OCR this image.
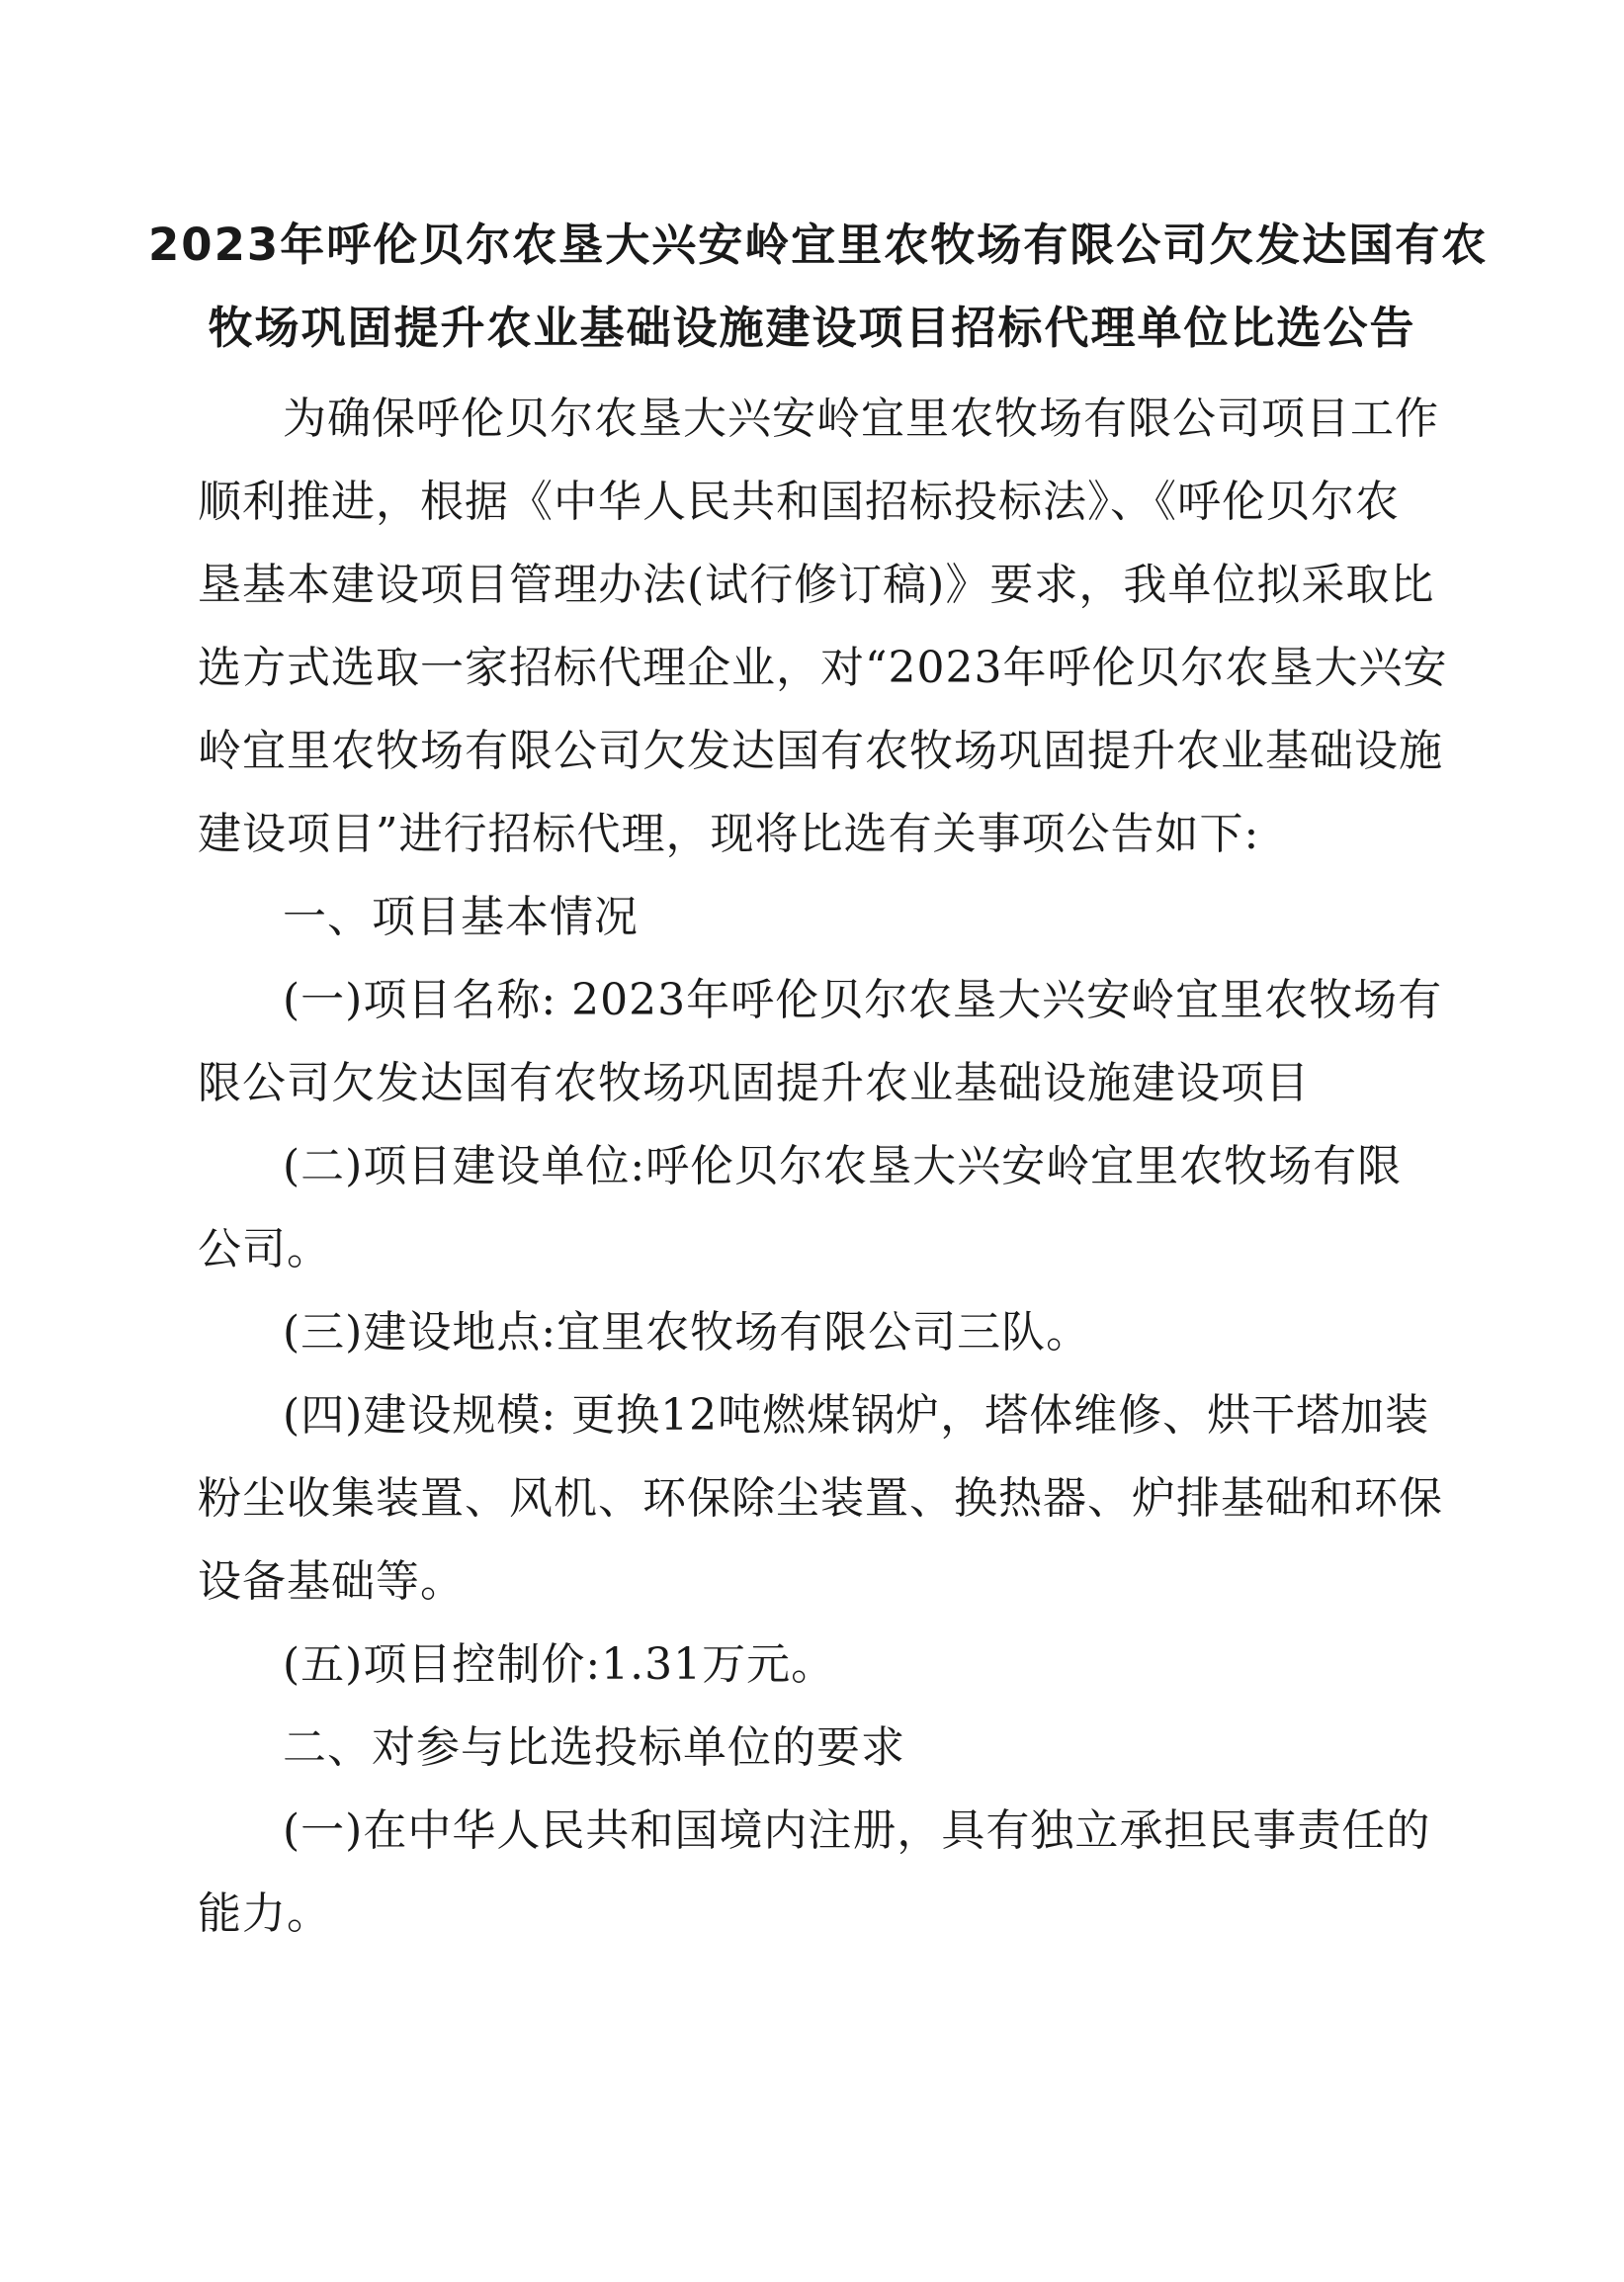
2023年呼伦贝尔农垦大兴安岭宜里农牧场有限公司欠发达国有农
牧场巩固提升农业基础设施建设项目招标代理单位比选公告
为确保呼伦贝尔农垦大兴安岭宜里农牧场有限公司项目工作
顺利推进，根据《中华人民共和国招标投标法》、《呼伦贝尔农
垦基本建设项目管理办法(试行修订稿)》要求，我单位拟采取比
选方式选取一家招标代理企业，对“2023年呼伦贝尔农垦大兴安
岭宜里农牧场有限公司欠发达国有农牧场巩固提升农业基础设施
建设项目”进行招标代理，现将比选有关事项公告如下:
一、项目基本情况
(一)项目名称: 2023年呼伦贝尔农垦大兴安岭宜里农牧场有
限公司欠发达国有农牧场巩固提升农业基础设施建设项目
(二)项目建设单位:呼伦贝尔农垦大兴安岭宜里农牧场有限
公司。
(三)建设地点:宜里农牧场有限公司三队。
(四)建设规模: 更换12吨燃煤锅炉，塔体维修、烘干塔加装
粉尘收集装置、风机、环保除尘装置、换热器、炉排基础和环保
设备基础等。
(五)项目控制价:1.31万元。
二、对参与比选投标单位的要求
(一)在中华人民共和国境内注册，具有独立承担民事责任的
能力。
